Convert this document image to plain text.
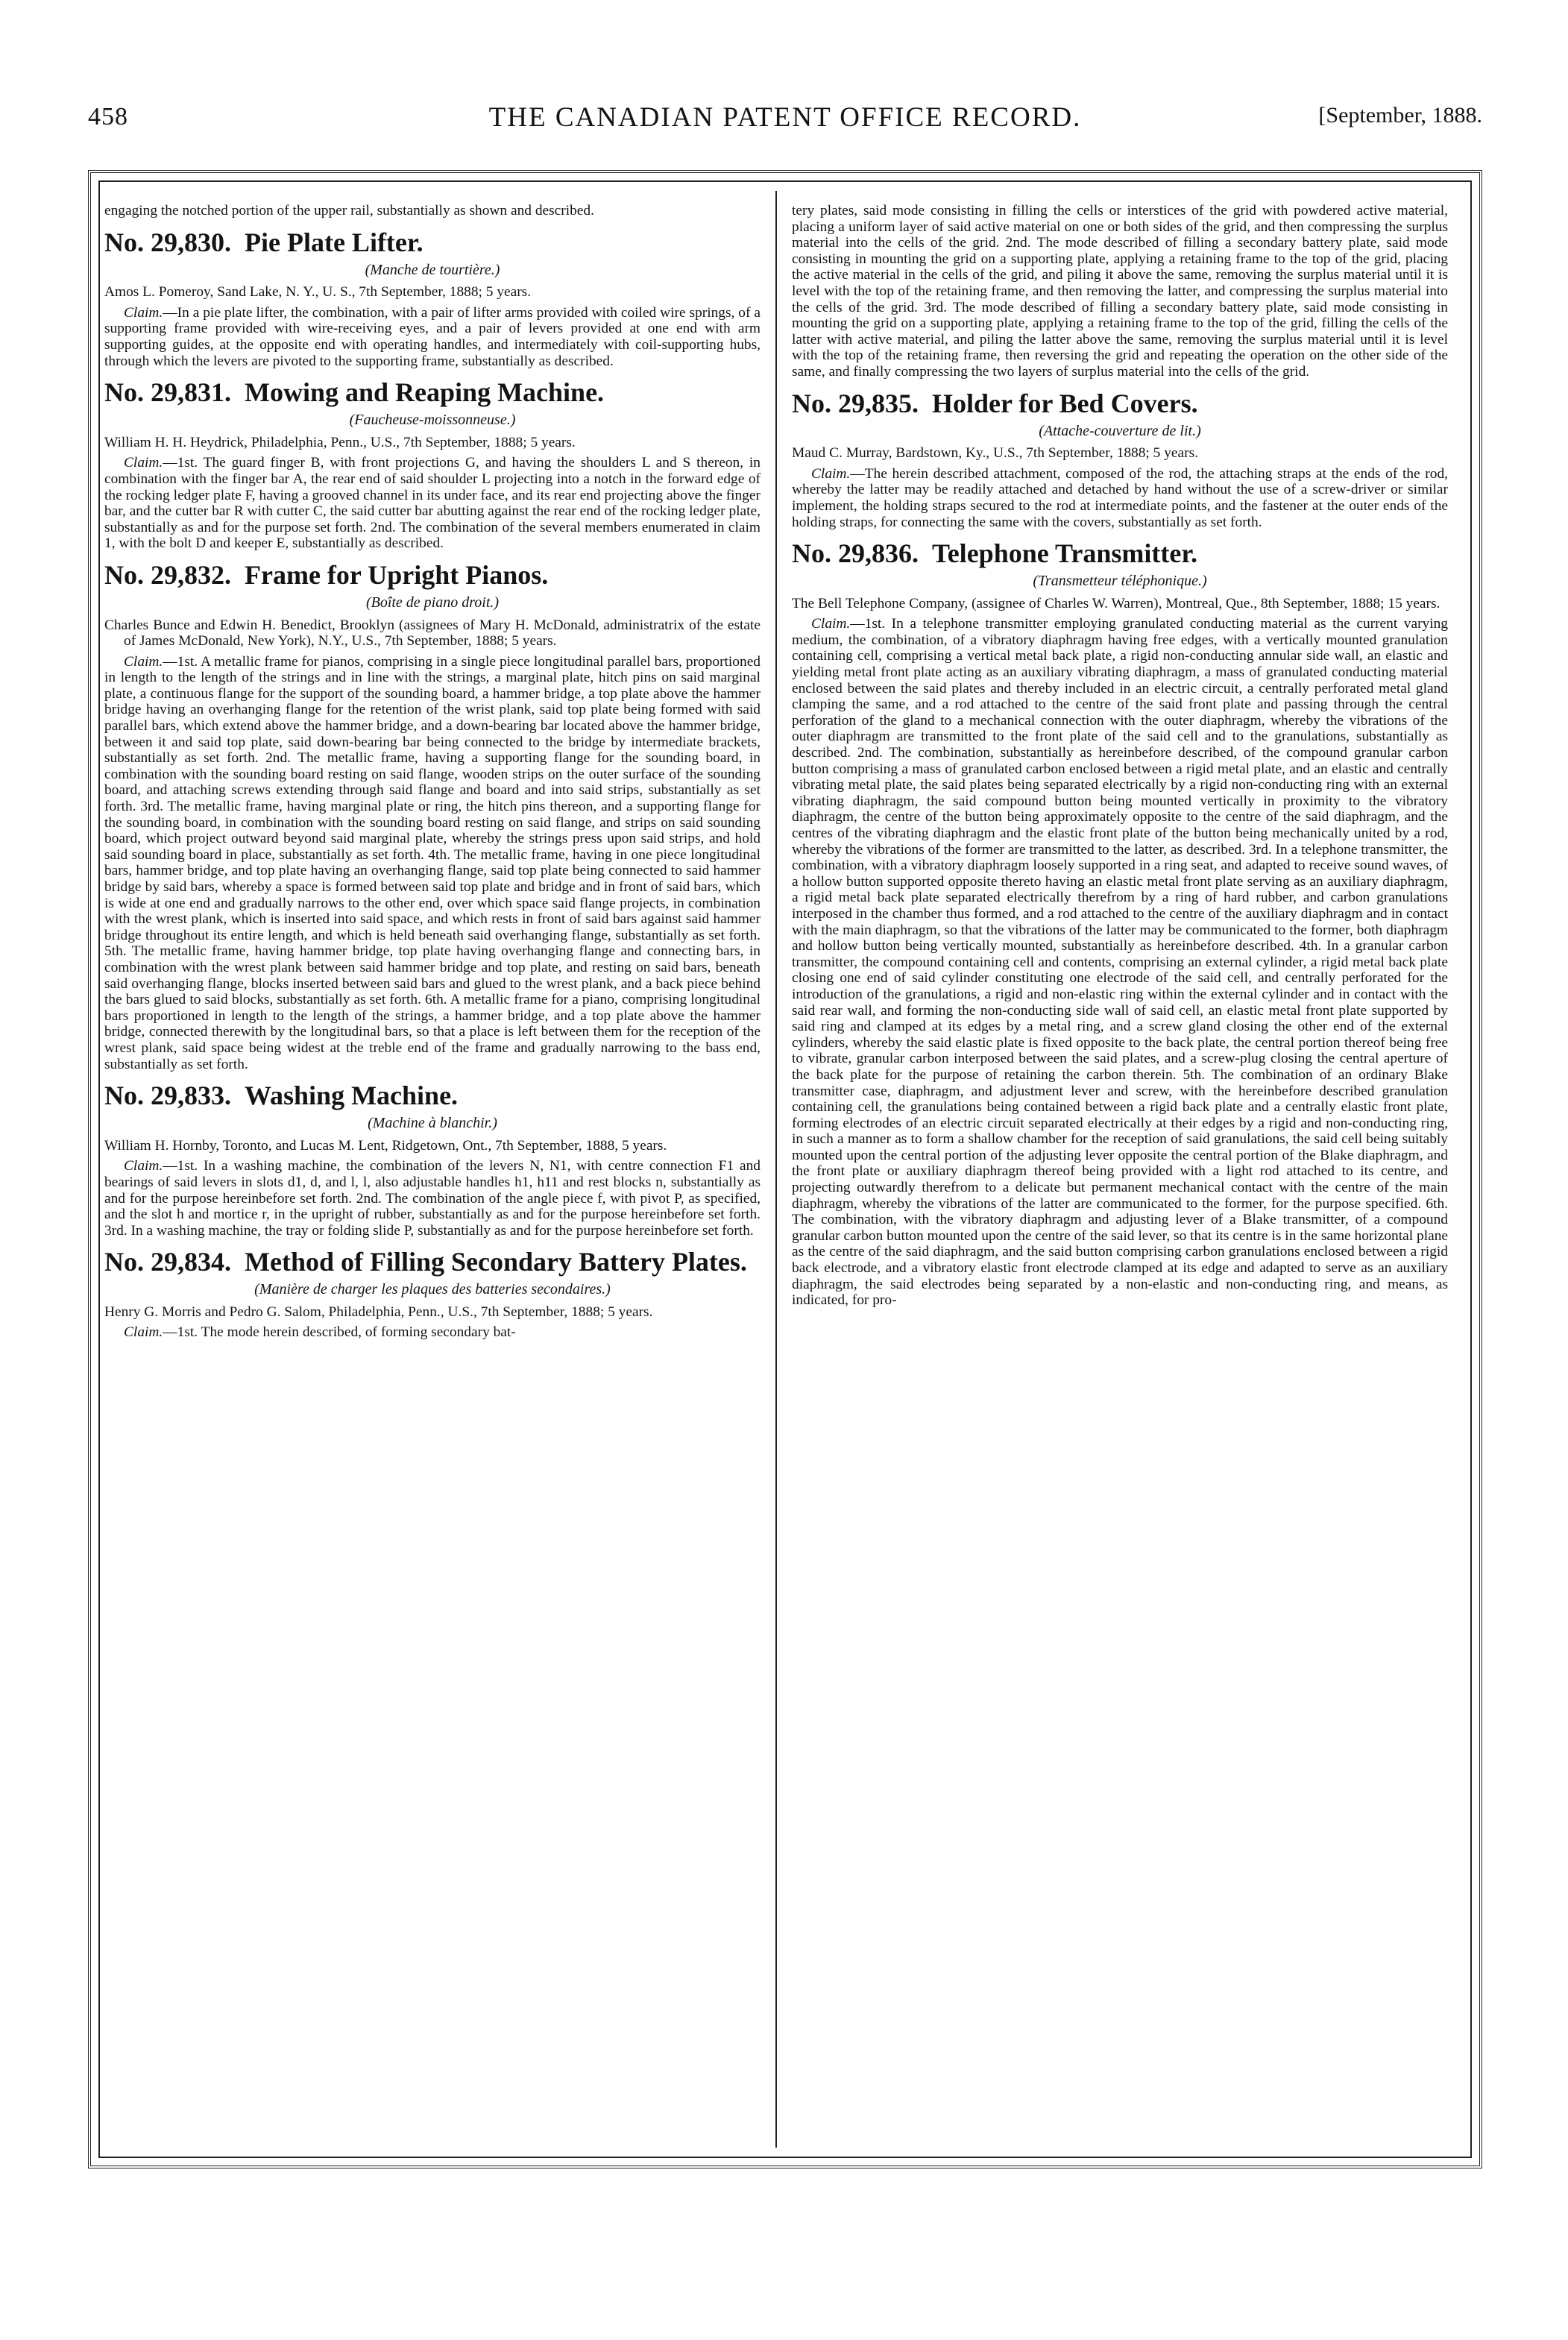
458	THE CANADIAN PATENT OFFICE RECORD.	[September, 1888.

engaging the notched portion of the upper rail, substantially as shown and described.

No. 29,830. Pie Plate Lifter.
(Manche de tourtière.)

Amos L. Pomeroy, Sand Lake, N. Y., U. S., 7th September, 1888; 5 years.

Claim.—In a pie plate lifter, the combination, with a pair of lifter arms provided with coiled wire springs, of a supporting frame provided with wire-receiving eyes, and a pair of levers provided at one end with arm supporting guides, at the opposite end with operating handles, and intermediately with coil-supporting hubs, through which the levers are pivoted to the supporting frame, substantially as described.

No. 29,831. Mowing and Reaping Machine.
(Faucheuse-moissonneuse.)

William H. H. Heydrick, Philadelphia, Penn., U.S., 7th September, 1888; 5 years.

Claim.—1st. The guard finger B, with front projections G, and having the shoulders L and S thereon, in combination with the finger bar A, the rear end of said shoulder L projecting into a notch in the forward edge of the rocking ledger plate F, having a grooved channel in its under face, and its rear end projecting above the finger bar, and the cutter bar R with cutter C, the said cutter bar abutting against the rear end of the rocking ledger plate, substantially as and for the purpose set forth. 2nd. The combination of the several members enumerated in claim 1, with the bolt D and keeper E, substantially as described.

No. 29,832. Frame for Upright Pianos.
(Boîte de piano droit.)

Charles Bunce and Edwin H. Benedict, Brooklyn (assignees of Mary H. McDonald, administratrix of the estate of James McDonald, New York), N.Y., U.S., 7th September, 1888; 5 years.

Claim.—1st. A metallic frame for pianos, comprising in a single piece longitudinal parallel bars, proportioned in length to the length of the strings and in line with the strings, a marginal plate, hitch pins on said marginal plate, a continuous flange for the support of the sounding board, a hammer bridge, a top plate above the hammer bridge having an overhanging flange for the retention of the wrist plank, said top plate being formed with said parallel bars, which extend above the hammer bridge, and a down-bearing bar located above the hammer bridge, between it and said top plate, said down-bearing bar being connected to the bridge by intermediate brackets, substantially as set forth. 2nd. The metallic frame, having a supporting flange for the sounding board, in combination with the sounding board resting on said flange, wooden strips on the outer surface of the sounding board, and attaching screws extending through said flange and board and into said strips, substantially as set forth. 3rd. The metallic frame, having marginal plate or ring, the hitch pins thereon, and a supporting flange for the sounding board, in combination with the sounding board resting on said flange, and strips on said sounding board, which project outward beyond said marginal plate, whereby the strings press upon said strips, and hold said sounding board in place, substantially as set forth. 4th. The metallic frame, having in one piece longitudinal bars, hammer bridge, and top plate having an overhanging flange, said top plate being connected to said hammer bridge by said bars, whereby a space is formed between said top plate and bridge and in front of said bars, which is wide at one end and gradually narrows to the other end, over which space said flange projects, in combination with the wrest plank, which is inserted into said space, and which rests in front of said bars against said hammer bridge throughout its entire length, and which is held beneath said overhanging flange, substantially as set forth. 5th. The metallic frame, having hammer bridge, top plate having overhanging flange and connecting bars, in combination with the wrest plank between said hammer bridge and top plate, and resting on said bars, beneath said overhanging flange, blocks inserted between said bars and glued to the wrest plank, and a back piece behind the bars glued to said blocks, substantially as set forth. 6th. A metallic frame for a piano, comprising longitudinal bars proportioned in length to the length of the strings, a hammer bridge, and a top plate above the hammer bridge, connected therewith by the longitudinal bars, so that a place is left between them for the reception of the wrest plank, said space being widest at the treble end of the frame and gradually narrowing to the bass end, substantially as set forth.

No. 29,833. Washing Machine.
(Machine à blanchir.)

William H. Hornby, Toronto, and Lucas M. Lent, Ridgetown, Ont., 7th September, 1888, 5 years.

Claim.—1st. In a washing machine, the combination of the levers N, N1, with centre connection F1 and bearings of said levers in slots d1, d, and l, l, also adjustable handles h1, h11 and rest blocks n, substantially as and for the purpose hereinbefore set forth. 2nd. The combination of the angle piece f, with pivot P, as specified, and the slot h and mortice r, in the upright of rubber, substantially as and for the purpose hereinbefore set forth. 3rd. In a washing machine, the tray or folding slide P, substantially as and for the purpose hereinbefore set forth.

No. 29,834. Method of Filling Secondary Battery Plates.
(Manière de charger les plaques des batteries secondaires.)

Henry G. Morris and Pedro G. Salom, Philadelphia, Penn., U.S., 7th September, 1888; 5 years.

Claim.—1st. The mode herein described, of forming secondary bat-

tery plates, said mode consisting in filling the cells or interstices of the grid with powdered active material, placing a uniform layer of said active material on one or both sides of the grid, and then compressing the surplus material into the cells of the grid. 2nd. The mode described of filling a secondary battery plate, said mode consisting in mounting the grid on a supporting plate, applying a retaining frame to the top of the grid, placing the active material in the cells of the grid, and piling it above the same, removing the surplus material until it is level with the top of the retaining frame, and then removing the latter, and compressing the surplus material into the cells of the grid. 3rd. The mode described of filling a secondary battery plate, said mode consisting in mounting the grid on a supporting plate, applying a retaining frame to the top of the grid, filling the cells of the latter with active material, and piling the latter above the same, removing the surplus material until it is level with the top of the retaining frame, then reversing the grid and repeating the operation on the other side of the same, and finally compressing the two layers of surplus material into the cells of the grid.

No. 29,835. Holder for Bed Covers.
(Attache-couverture de lit.)

Maud C. Murray, Bardstown, Ky., U.S., 7th September, 1888; 5 years.

Claim.—The herein described attachment, composed of the rod, the attaching straps at the ends of the rod, whereby the latter may be readily attached and detached by hand without the use of a screw-driver or similar implement, the holding straps secured to the rod at intermediate points, and the fastener at the outer ends of the holding straps, for connecting the same with the covers, substantially as set forth.

No. 29,836. Telephone Transmitter.
(Transmetteur téléphonique.)

The Bell Telephone Company, (assignee of Charles W. Warren), Montreal, Que., 8th September, 1888; 15 years.

Claim.—1st. In a telephone transmitter employing granulated conducting material as the current varying medium, the combination, of a vibratory diaphragm having free edges, with a vertically mounted granulation containing cell, comprising a vertical metal back plate, a rigid non-conducting annular side wall, an elastic and yielding metal front plate acting as an auxiliary vibrating diaphragm, a mass of granulated conducting material enclosed between the said plates and thereby included in an electric circuit, a centrally perforated metal gland clamping the same, and a rod attached to the centre of the said front plate and passing through the central perforation of the gland to a mechanical connection with the outer diaphragm, whereby the vibrations of the outer diaphragm are transmitted to the front plate of the said cell and to the granulations, substantially as described. 2nd. The combination, substantially as hereinbefore described, of the compound granular carbon button comprising a mass of granulated carbon enclosed between a rigid metal plate, and an elastic and centrally vibrating metal plate, the said plates being separated electrically by a rigid non-conducting ring with an external vibrating diaphragm, the said compound button being mounted vertically in proximity to the vibratory diaphragm, the centre of the button being approximately opposite to the centre of the said diaphragm, and the centres of the vibrating diaphragm and the elastic front plate of the button being mechanically united by a rod, whereby the vibrations of the former are transmitted to the latter, as described. 3rd. In a telephone transmitter, the combination, with a vibratory diaphragm loosely supported in a ring seat, and adapted to receive sound waves, of a hollow button supported opposite thereto having an elastic metal front plate serving as an auxiliary diaphragm, a rigid metal back plate separated electrically therefrom by a ring of hard rubber, and carbon granulations interposed in the chamber thus formed, and a rod attached to the centre of the auxiliary diaphragm and in contact with the main diaphragm, so that the vibrations of the latter may be communicated to the former, both diaphragm and hollow button being vertically mounted, substantially as hereinbefore described. 4th. In a granular carbon transmitter, the compound containing cell and contents, comprising an external cylinder, a rigid metal back plate closing one end of said cylinder constituting one electrode of the said cell, and centrally perforated for the introduction of the granulations, a rigid and non-elastic ring within the external cylinder and in contact with the said rear wall, and forming the non-conducting side wall of said cell, an elastic metal front plate supported by said ring and clamped at its edges by a metal ring, and a screw gland closing the other end of the external cylinders, whereby the said elastic plate is fixed opposite to the back plate, the central portion thereof being free to vibrate, granular carbon interposed between the said plates, and a screw-plug closing the central aperture of the back plate for the purpose of retaining the carbon therein. 5th. The combination of an ordinary Blake transmitter case, diaphragm, and adjustment lever and screw, with the hereinbefore described granulation containing cell, the granulations being contained between a rigid back plate and a centrally elastic front plate, forming electrodes of an electric circuit separated electrically at their edges by a rigid and non-conducting ring, in such a manner as to form a shallow chamber for the reception of said granulations, the said cell being suitably mounted upon the central portion of the adjusting lever opposite the central portion of the Blake diaphragm, and the front plate or auxiliary diaphragm thereof being provided with a light rod attached to its centre, and projecting outwardly therefrom to a delicate but permanent mechanical contact with the centre of the main diaphragm, whereby the vibrations of the latter are communicated to the former, for the purpose specified. 6th. The combination, with the vibratory diaphragm and adjusting lever of a Blake transmitter, of a compound granular carbon button mounted upon the centre of the said lever, so that its centre is in the same horizontal plane as the centre of the said diaphragm, and the said button comprising carbon granulations enclosed between a rigid back electrode, and a vibratory elastic front electrode clamped at its edge and adapted to serve as an auxiliary diaphragm, the said electrodes being separated by a non-elastic and non-conducting ring, and means, as indicated, for pro-
